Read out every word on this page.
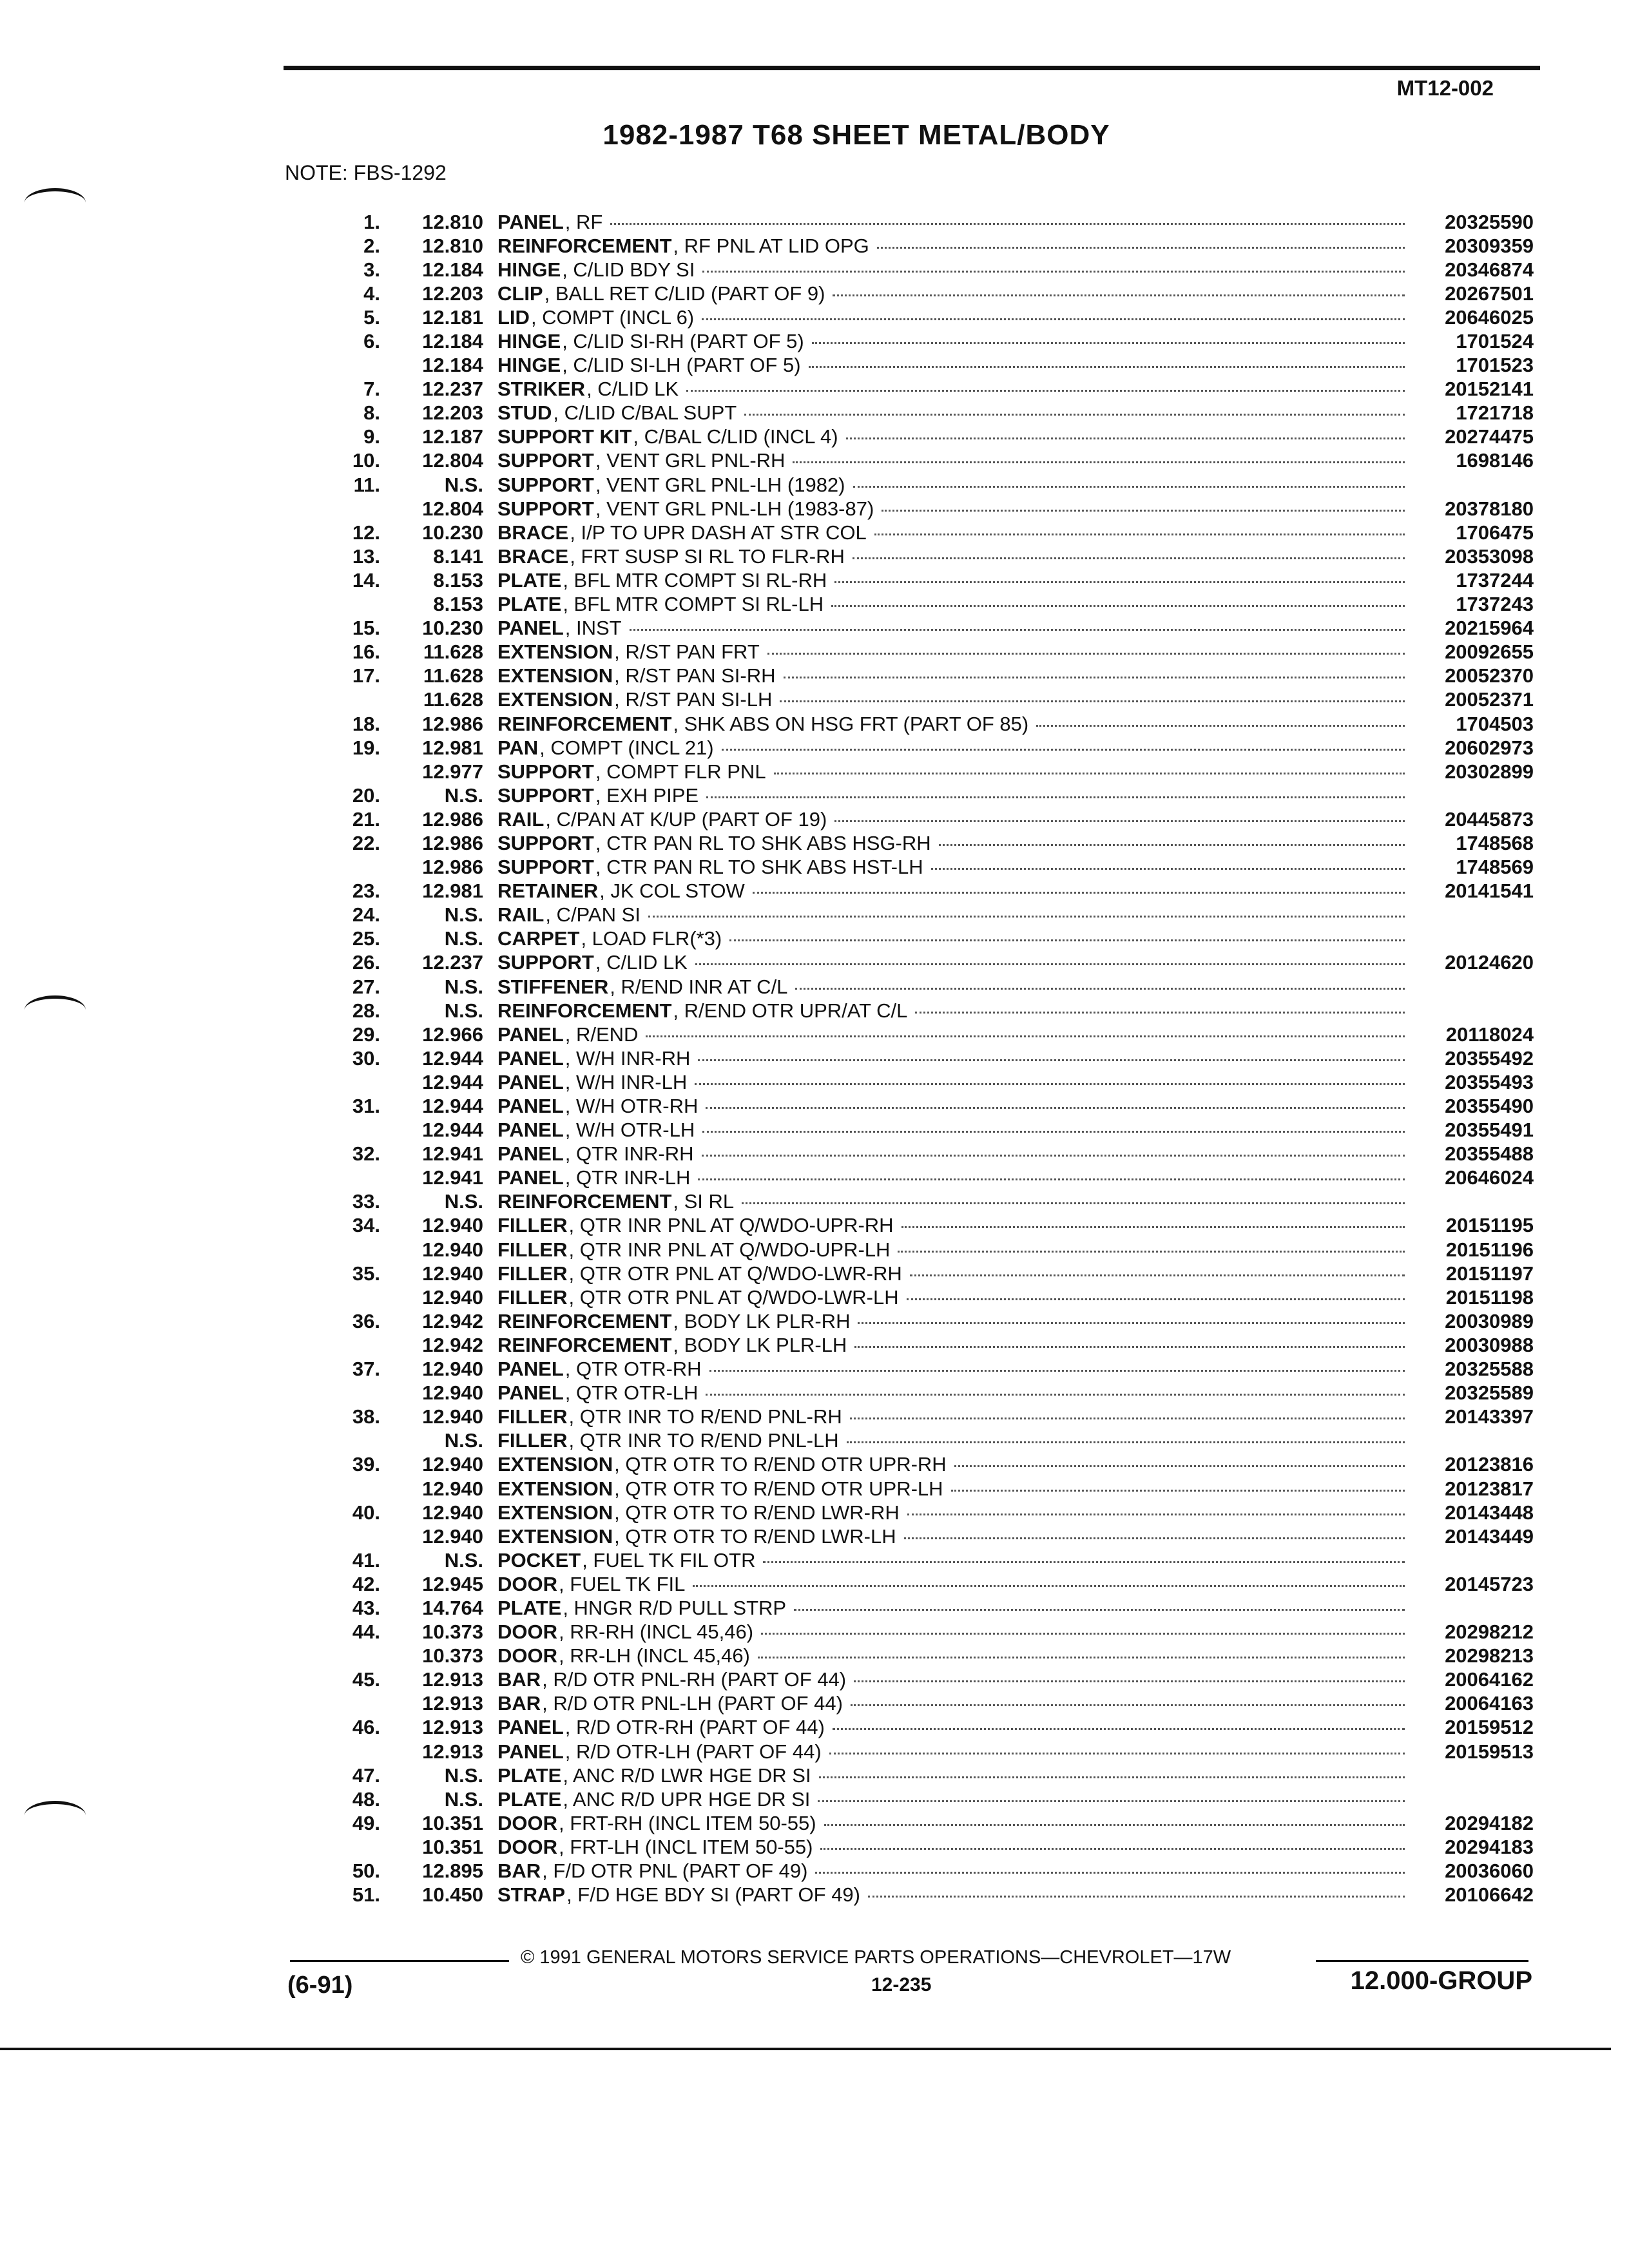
MT12-002
1982-1987 T68 SHEET METAL/BODY
NOTE: FBS-1292
1.	12.810 PANEL , RF	20325590
2.	12.810 REINFORCEMENT , RF PNL AT LID OPG	20309359
3.	12.184 HINGE , C/LID BDY SI	20346874
4.	12.203 CLIP , BALL RET C/LID (PART OF 9)	20267501
5.	12.181 LID , COMPT (INCL 6)	20646025
6.	12.184 HINGE , C/LID SI-RH (PART OF 5)	1701524
12.184 HINGE , C/LID SI-LH (PART OF 5)	1701523
7.	12.237 STRIKER , C/LID LK	20152141
8.	12.203 STUD , C/LID C/BAL SUPT	1721718
9.	12.187 SUPPORT KIT , C/BAL C/LID (INCL 4)	20274475
10.	12.804 SUPPORT , VENT GRL PNL-RH	1698146
11.	N.S. SUPPORT , VENT GRL PNL-LH (1982)
12.804 SUPPORT , VENT GRL PNL-LH (1983-87)	20378180
12.	10.230 BRACE , I/P TO UPR DASH AT STR COL	1706475
13.	8.141 BRACE , FRT SUSP SI RL TO FLR-RH	20353098
14.	8.153 PLATE , BFL MTR COMPT SI RL-RH	1737244
8.153 PLATE , BFL MTR COMPT SI RL-LH	1737243
15.	10.230 PANEL , INST	20215964
16.	11.628 EXTENSION , R/ST PAN FRT	20092655
17.	11.628 EXTENSION , R/ST PAN SI-RH	20052370
11.628 EXTENSION , R/ST PAN SI-LH	20052371
18.	12.986 REINFORCEMENT , SHK ABS ON HSG FRT (PART OF 85)	1704503
19.	12.981 PAN , COMPT (INCL 21)	20602973
12.977 SUPPORT , COMPT FLR PNL	20302899
20.	N.S. SUPPORT , EXH PIPE
21.	12.986 RAIL , C/PAN AT K/UP (PART OF 19)	20445873
22.	12.986 SUPPORT , CTR PAN RL TO SHK ABS HSG-RH	1748568
12.986 SUPPORT , CTR PAN RL TO SHK ABS HST-LH	1748569
23.	12.981 RETAINER , JK COL STOW	20141541
24.	N.S. RAIL , C/PAN SI
25.	N.S. CARPET , LOAD FLR(*3)
26.	12.237 SUPPORT , C/LID LK	20124620
27.	N.S. STIFFENER , R/END INR AT C/L
28.	N.S. REINFORCEMENT , R/END OTR UPR/AT C/L
29.	12.966 PANEL , R/END	20118024
30.	12.944 PANEL , W/H INR-RH	20355492
12.944 PANEL , W/H INR-LH	20355493
31.	12.944 PANEL , W/H OTR-RH	20355490
12.944 PANEL , W/H OTR-LH	20355491
32.	12.941 PANEL , QTR INR-RH	20355488
12.941 PANEL , QTR INR-LH	20646024
33.	N.S. REINFORCEMENT , SI RL
34.	12.940 FILLER , QTR INR PNL AT Q/WDO-UPR-RH	20151195
12.940 FILLER , QTR INR PNL AT Q/WDO-UPR-LH	20151196
35.	12.940 FILLER , QTR OTR PNL AT Q/WDO-LWR-RH	20151197
12.940 FILLER , QTR OTR PNL AT Q/WDO-LWR-LH	20151198
36.	12.942 REINFORCEMENT , BODY LK PLR-RH	20030989
12.942 REINFORCEMENT , BODY LK PLR-LH	20030988
37.	12.940 PANEL , QTR OTR-RH	20325588
12.940 PANEL , QTR OTR-LH	20325589
38.	12.940 FILLER , QTR INR TO R/END PNL-RH	20143397
N.S. FILLER , QTR INR TO R/END PNL-LH
39.	12.940 EXTENSION , QTR OTR TO R/END OTR UPR-RH	20123816
12.940 EXTENSION , QTR OTR TO R/END OTR UPR-LH	20123817
40.	12.940 EXTENSION , QTR OTR TO R/END LWR-RH	20143448
12.940 EXTENSION , QTR OTR TO R/END LWR-LH	20143449
41.	N.S. POCKET , FUEL TK FIL OTR
42.	12.945 DOOR , FUEL TK FIL	20145723
43.	14.764 PLATE , HNGR R/D PULL STRP
44.	10.373 DOOR , RR-RH (INCL 45,46)	20298212
10.373 DOOR , RR-LH (INCL 45,46)	20298213
45.	12.913 BAR , R/D OTR PNL-RH (PART OF 44)	20064162
12.913 BAR , R/D OTR PNL-LH (PART OF 44)	20064163
46.	12.913 PANEL , R/D OTR-RH (PART OF 44)	20159512
12.913 PANEL , R/D OTR-LH (PART OF 44)	20159513
47.	N.S. PLATE , ANC R/D LWR HGE DR SI
48.	N.S. PLATE , ANC R/D UPR HGE DR SI
49.	10.351 DOOR , FRT-RH (INCL ITEM 50-55)	20294182
10.351 DOOR , FRT-LH (INCL ITEM 50-55)	20294183
50.	12.895 BAR , F/D OTR PNL (PART OF 49)	20036060
51.	10.450 STRAP , F/D HGE BDY SI (PART OF 49)	20106642
© 1991 GENERAL MOTORS SERVICE PARTS OPERATIONS—CHEVROLET—17W
(6-91)	12-235	12.000-GROUP
